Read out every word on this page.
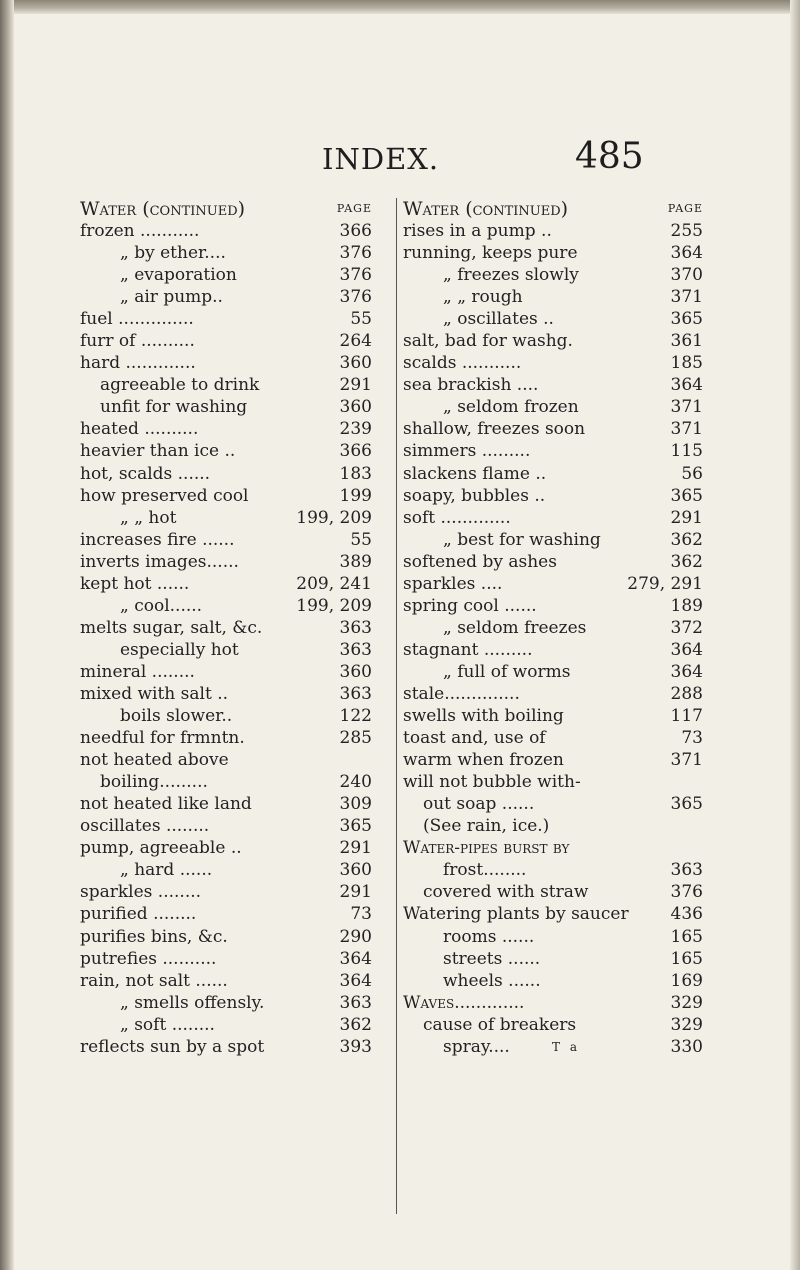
INDEX.	485
Water (continued)	PAGE
frozen ...........	366
„ by ether....	376
„ evaporation	376
„ air pump..	376
fuel ..............	55
furr of ..........	264
hard .............	360
agreeable to drink	291
unfit for washing	360
heated ..........	239
heavier than ice ..	366
hot, scalds ......	183
how preserved cool	199
„ „ hot	199, 209
increases fire ......	55
inverts images......	389
kept hot ......	209, 241
„ cool......	199, 209
melts sugar, salt, &c.	363
especially hot	363
mineral ........	360
mixed with salt ..	363
boils slower..	122
needful for frmntn.	285
not heated above
boiling.........	240
not heated like land	309
oscillates ........	365
pump, agreeable ..	291
„ hard ......	360
sparkles ........	291
purified ........	73
purifies bins, &c.	290
putrefies ..........	364
rain, not salt ......	364
„ smells offensly.	363
„ soft ........	362
reflects sun by a spot	393
Water (continued)	PAGE
rises in a pump ..	255
running, keeps pure	364
„ freezes slowly	370
„ „ rough	371
„ oscillates ..	365
salt, bad for washg.	361
scalds ...........	185
sea brackish ....	364
„ seldom frozen	371
shallow, freezes soon	371
simmers .........	115
slackens flame ..	56
soapy, bubbles ..	365
soft .............	291
„ best for washing	362
softened by ashes	362
sparkles ....	279, 291
spring cool ......	189
„ seldom freezes	372
stagnant .........	364
„ full of worms	364
stale..............	288
swells with boiling	117
toast and, use of	73
warm when frozen	371
will not bubble with-
out soap ......	365
(See rain, ice.)
Water-pipes burst by
frost........	363
covered with straw	376
Watering plants by saucer 436
rooms ......	165
streets ......	165
wheels ......	169
Waves.............	329
cause of breakers	329
spray....	330
T a
